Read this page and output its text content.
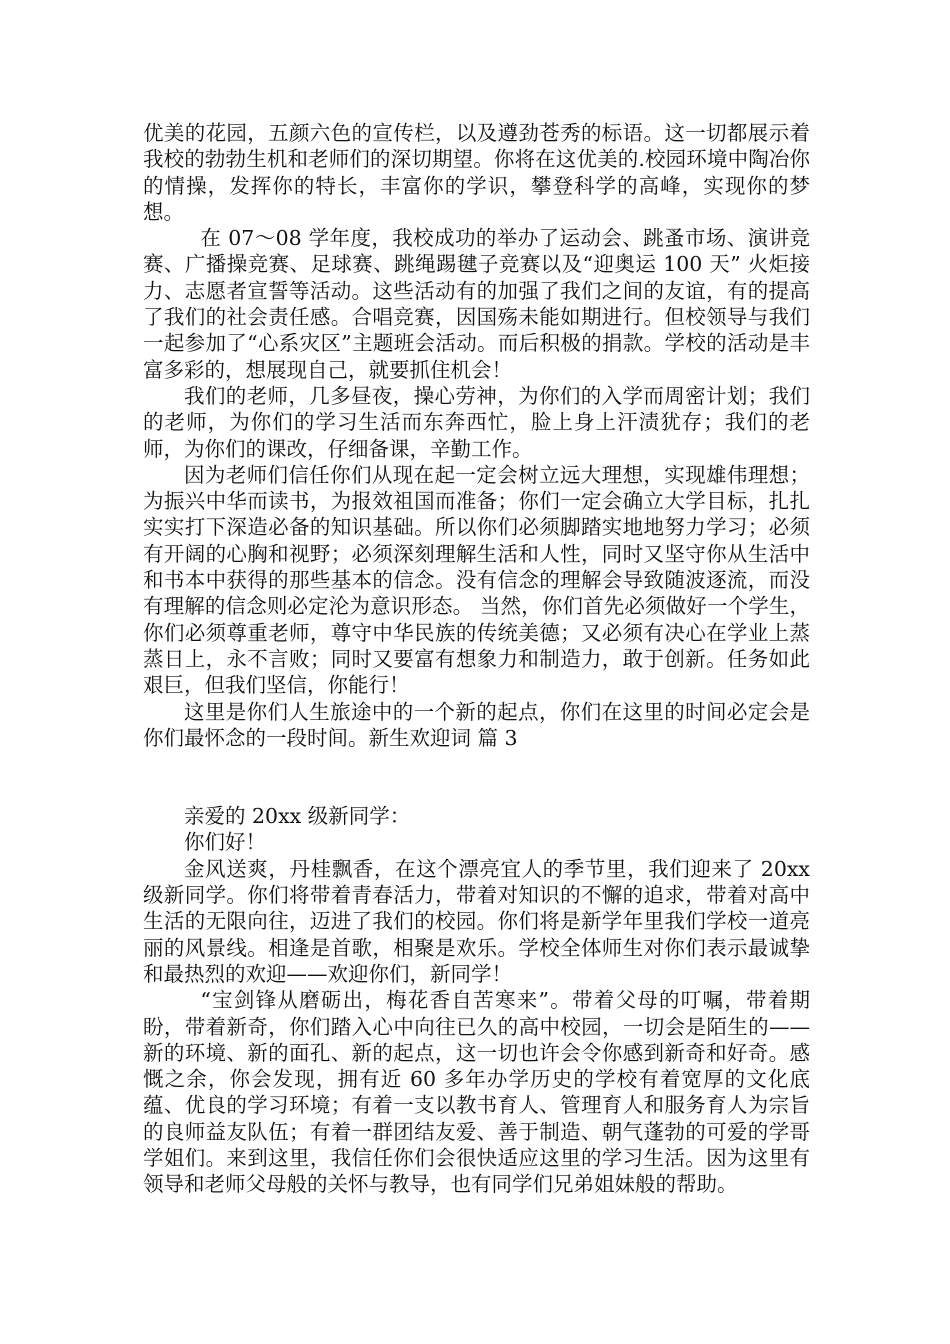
优美的花园，五颜六色的宣传栏，以及遵劲苍秀的标语。这一切都展示着我校的勃勃生机和老师们的深切期望。你将在这优美的.校园环境中陶冶你的情操，发挥你的特长，丰富你的学识，攀登科学的高峰，实现你的梦想。

在 07～08 学年度，我校成功的举办了运动会、跳蚤市场、演讲竞赛、广播操竞赛、足球赛、跳绳踢毽子竞赛以及“迎奥运 100 天” 火炬接力、志愿者宣誓等活动。这些活动有的加强了我们之间的友谊，有的提高了我们的社会责任感。合唱竞赛，因国殇未能如期进行。但校领导与我们一起参加了“心系灾区”主题班会活动。而后积极的捐款。学校的活动是丰富多彩的，想展现自己，就要抓住机会！

我们的老师，几多昼夜，操心劳神，为你们的入学而周密计划；我们的老师，为你们的学习生活而东奔西忙，脸上身上汗渍犹存；我们的老师，为你们的课改，仔细备课，辛勤工作。

因为老师们信任你们从现在起一定会树立远大理想，实现雄伟理想；为振兴中华而读书，为报效祖国而准备；你们一定会确立大学目标，扎扎实实打下深造必备的知识基础。所以你们必须脚踏实地地努力学习；必须有开阔的心胸和视野；必须深刻理解生活和人性，同时又坚守你从生活中和书本中获得的那些基本的信念。没有信念的理解会导致随波逐流，而没有理解的信念则必定沦为意识形态。 当然，你们首先必须做好一个学生，你们必须尊重老师，尊守中华民族的传统美德；又必须有决心在学业上蒸蒸日上，永不言败；同时又要富有想象力和制造力，敢于创新。任务如此艰巨，但我们坚信，你能行！

这里是你们人生旅途中的一个新的起点，你们在这里的时间必定会是你们最怀念的一段时间。新生欢迎词 篇 3

亲爱的 20xx 级新同学：

你们好！

金风送爽，丹桂飘香，在这个漂亮宜人的季节里，我们迎来了 20xx 级新同学。你们将带着青春活力，带着对知识的不懈的追求，带着对高中生活的无限向往，迈进了我们的校园。你们将是新学年里我们学校一道亮丽的风景线。相逢是首歌，相聚是欢乐。学校全体师生对你们表示最诚挚和最热烈的欢迎——欢迎你们，新同学！

“宝剑锋从磨砺出，梅花香自苦寒来”。带着父母的叮嘱，带着期盼，带着新奇，你们踏入心中向往已久的高中校园，一切会是陌生的——新的环境、新的面孔、新的起点，这一切也许会令你感到新奇和好奇。感慨之余，你会发现，拥有近 60 多年办学历史的学校有着宽厚的文化底蕴、优良的学习环境；有着一支以教书育人、管理育人和服务育人为宗旨的良师益友队伍；有着一群团结友爱、善于制造、朝气蓬勃的可爱的学哥学姐们。来到这里，我信任你们会很快适应这里的学习生活。因为这里有领导和老师父母般的关怀与教导，也有同学们兄弟姐妹般的帮助。
